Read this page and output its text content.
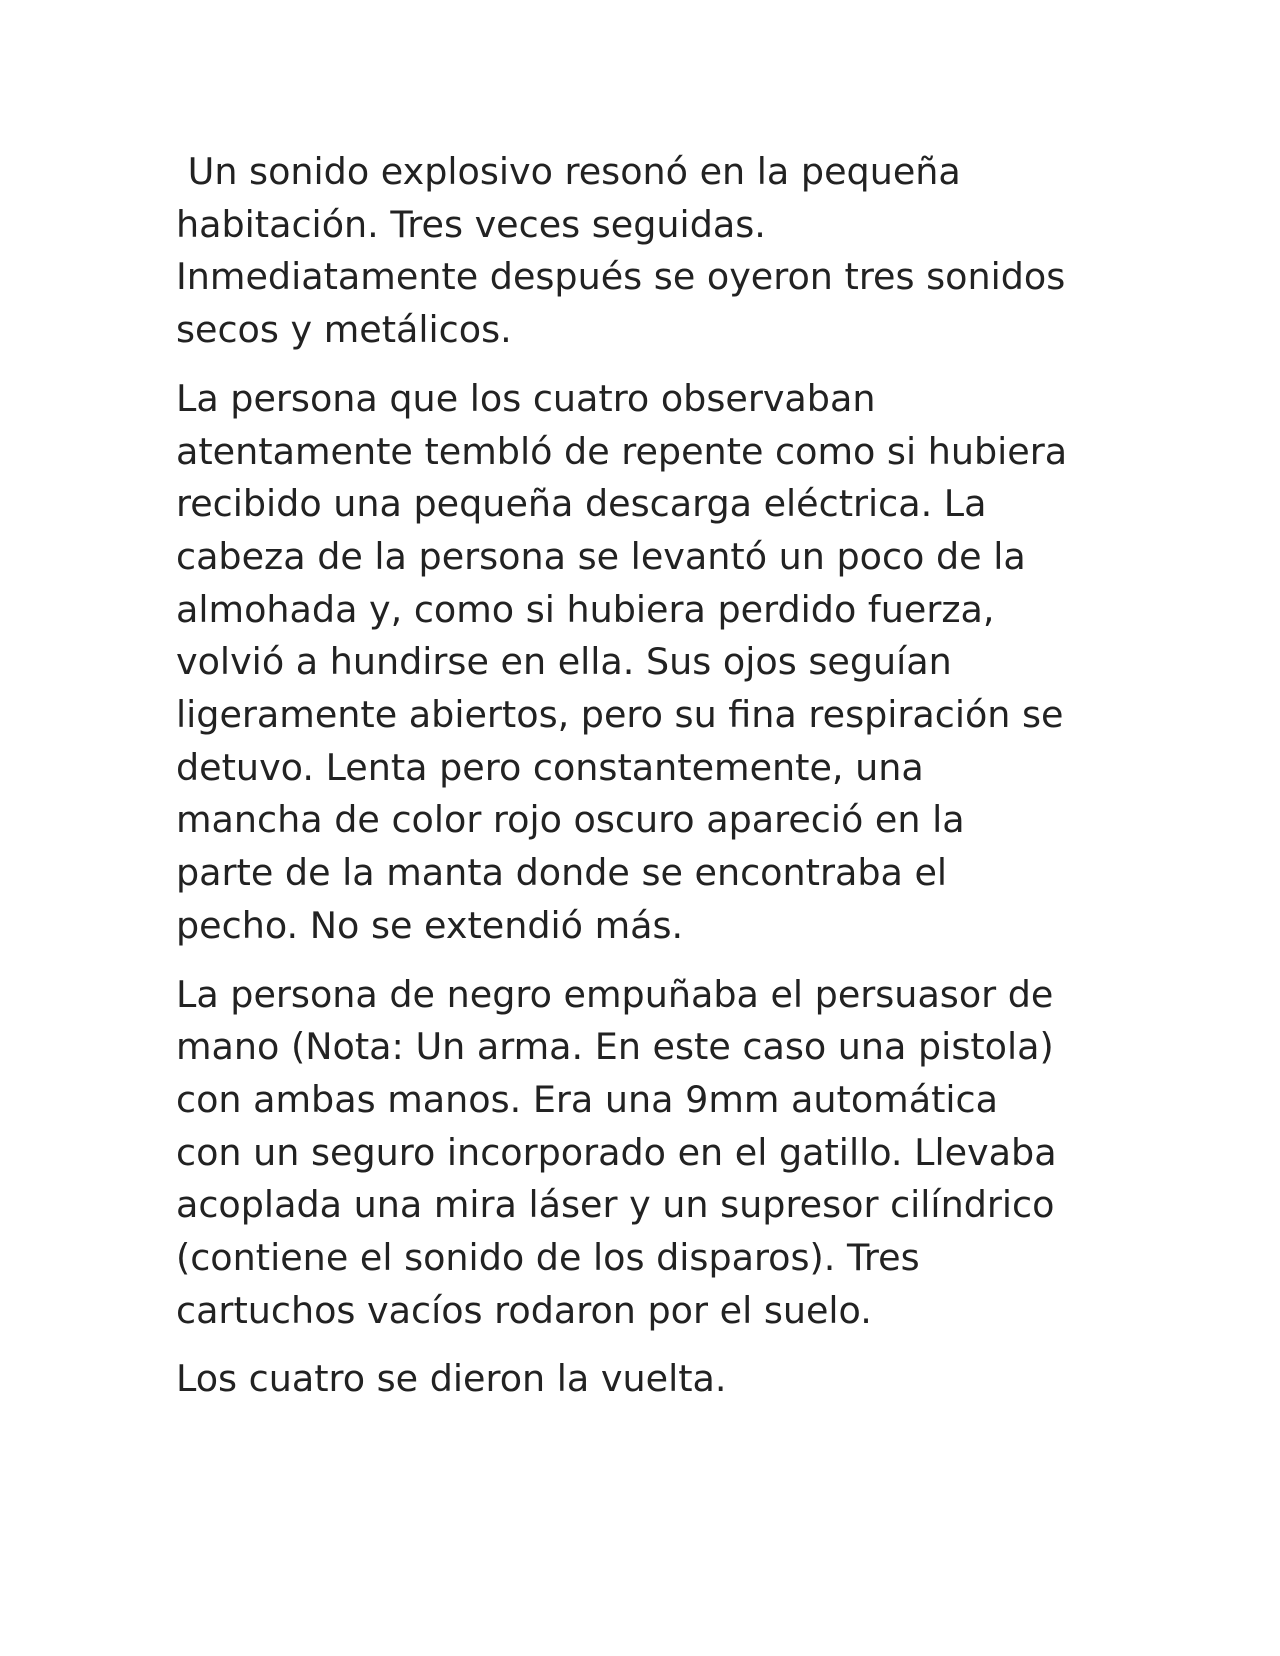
Un sonido explosivo resonó en la pequeña
habitación. Tres veces seguidas.
Inmediatamente después se oyeron tres sonidos
secos y metálicos.

La persona que los cuatro observaban
atentamente tembló de repente como si hubiera
recibido una pequeña descarga eléctrica. La
cabeza de la persona se levantó un poco de la
almohada y, como si hubiera perdido fuerza,
volvió a hundirse en ella. Sus ojos seguían
ligeramente abiertos, pero su fina respiración se
detuvo. Lenta pero constantemente, una
mancha de color rojo oscuro apareció en la
parte de la manta donde se encontraba el
pecho. No se extendió más.

La persona de negro empuñaba el persuasor de
mano (Nota: Un arma. En este caso una pistola)
con ambas manos. Era una 9mm automática
con un seguro incorporado en el gatillo. Llevaba
acoplada una mira láser y un supresor cilíndrico
(contiene el sonido de los disparos). Tres
cartuchos vacíos rodaron por el suelo.

Los cuatro se dieron la vuelta.
